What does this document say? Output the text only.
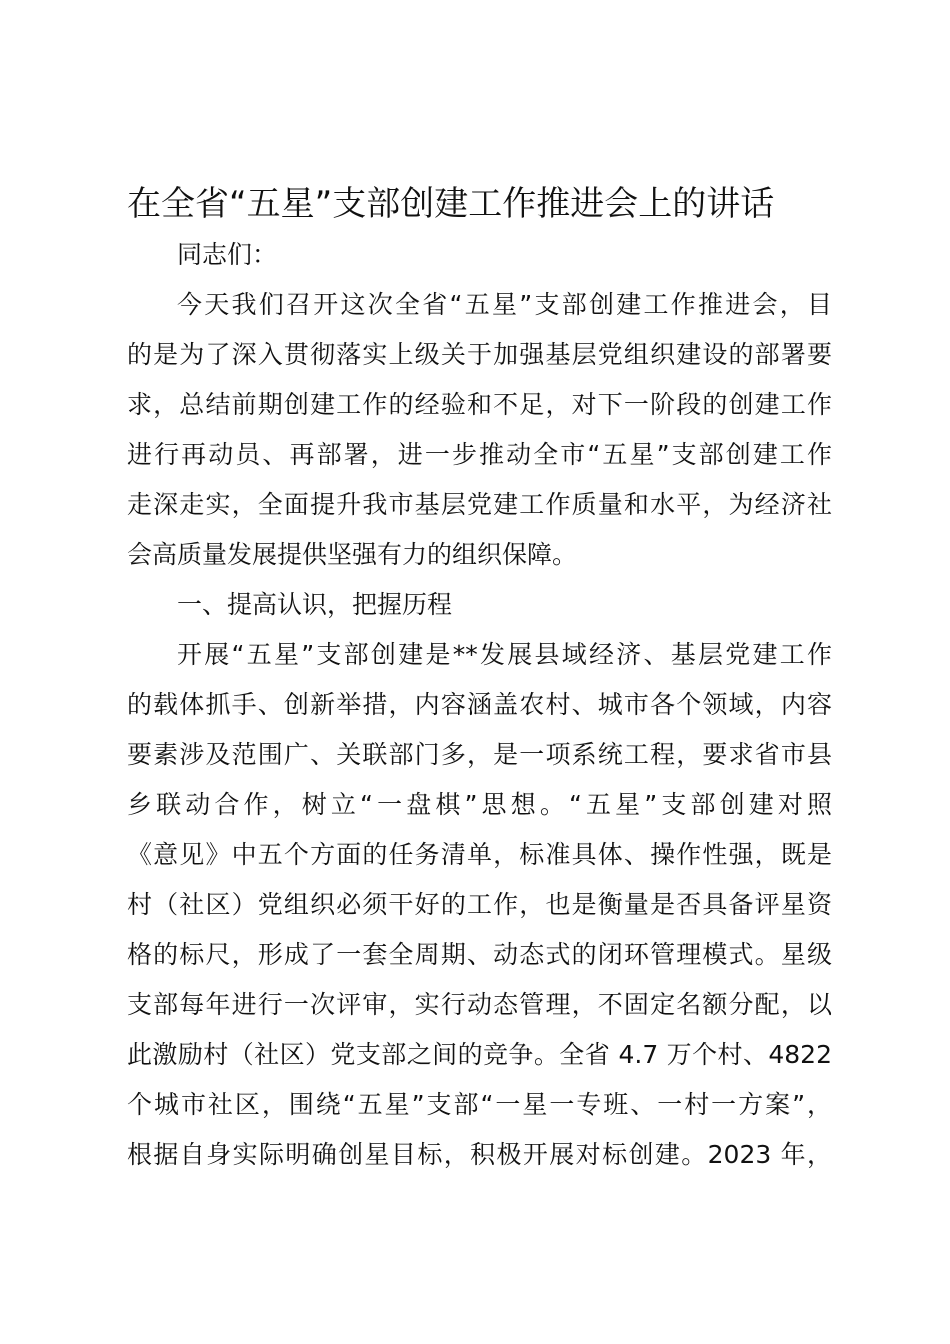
在全省“五星”支部创建工作推进会上的讲话

同志们：

今天我们召开这次全省“五星”支部创建工作推进会，目

的是为了深入贯彻落实上级关于加强基层党组织建设的部署要

求，总结前期创建工作的经验和不足，对下一阶段的创建工作

进行再动员、再部署，进一步推动全市“五星”支部创建工作

走深走实，全面提升我市基层党建工作质量和水平，为经济社

会高质量发展提供坚强有力的组织保障。

一、提高认识，把握历程

开展“五星”支部创建是**发展县域经济、基层党建工作

的载体抓手、创新举措，内容涵盖农村、城市各个领域，内容

要素涉及范围广、关联部门多，是一项系统工程，要求省市县

乡联动合作，树立“一盘棋”思想。“五星”支部创建对照

《意见》中五个方面的任务清单，标准具体、操作性强，既是

村（社区）党组织必须干好的工作，也是衡量是否具备评星资

格的标尺，形成了一套全周期、动态式的闭环管理模式。星级

支部每年进行一次评审，实行动态管理，不固定名额分配，以

此激励村（社区）党支部之间的竞争。全省 4.7 万个村、4822

个城市社区，围绕“五星”支部“一星一专班、一村一方案”，

根据自身实际明确创星目标，积极开展对标创建。2023 年，
